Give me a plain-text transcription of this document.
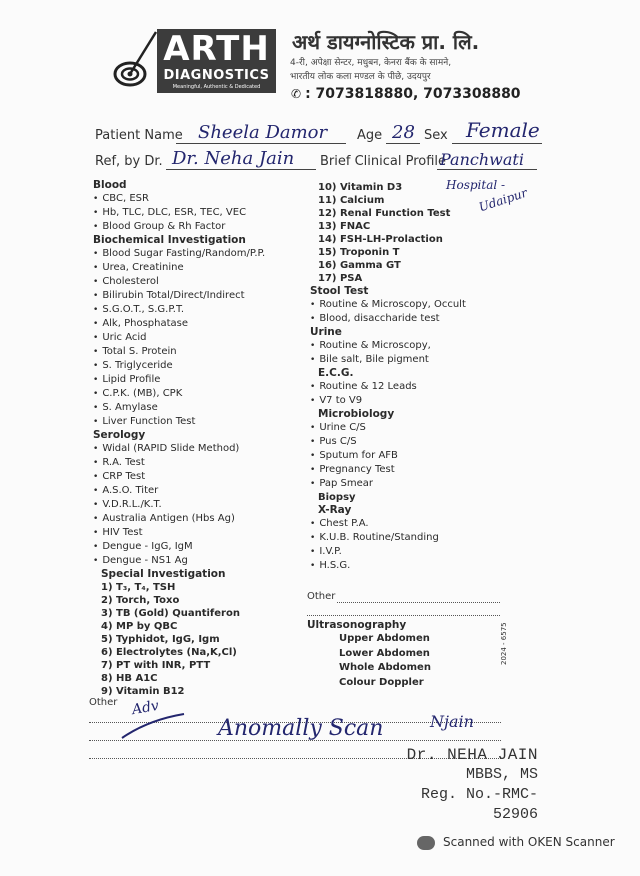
ARTH
DIAGNOSTICS
Meaningful, Authentic & Dedicated
अर्थ डायग्नोस्टिक प्रा. लि.
4-री, अपेक्षा सेन्टर, मधुबन, केनरा बैंक के सामने,
भारतीय लोक कला मण्डल के पीछे, उदयपुर
✆ : 7073818880, 7073308880
Patient Name Sheela Damor Age 28 Sex Female
Ref, by Dr. Dr. Neha Jain Brief Clinical Profile
Panchwati
Hospital -
Udaipur
Blood
• CBC, ESR
• Hb, TLC, DLC, ESR, TEC, VEC
• Blood Group & Rh Factor
Biochemical Investigation
• Blood Sugar Fasting/Random/P.P.
• Urea, Creatinine
• Cholesterol
• Bilirubin Total/Direct/Indirect
• S.G.O.T., S.G.P.T.
• Alk, Phosphatase
• Uric Acid
• Total S. Protein
• S. Triglyceride
• Lipid Profile
• C.P.K. (MB), CPK
• S. Amylase
• Liver Function Test
Serology
• Widal (RAPID Slide Method)
• R.A. Test
• CRP Test
• A.S.O. Titer
• V.D.R.L./K.T.
• Australia Antigen (Hbs Ag)
• HIV Test
• Dengue - IgG, IgM
• Dengue - NS1 Ag
Special Investigation
1) T₃, T₄, TSH
2) Torch, Toxo
3) TB (Gold) Quantiferon
4) MP by QBC
5) Typhidot, IgG, Igm
6) Electrolytes (Na,K,Cl)
7) PT with INR, PTT
8) HB A1C
9) Vitamin B12
10) Vitamin D3
11) Calcium
12) Renal Function Test
13) FNAC
14) FSH-LH-Prolaction
15) Troponin T
16) Gamma GT
17) PSA
Stool Test
• Routine & Microscopy, Occult
• Blood, disaccharide test
Urine
• Routine & Microscopy,
• Bile salt, Bile pigment
E.C.G.
• Routine & 12 Leads
• V7 to V9
Microbiology
• Urine C/S
• Pus C/S
• Sputum for AFB
• Pregnancy Test
• Pap Smear
Biopsy
X-Ray
• Chest P.A.
• K.U.B. Routine/Standing
• I.V.P.
• H.S.G.
Other
Ultrasonography
Upper Abdomen
Lower Abdomen
Whole Abdomen
Colour Doppler
2024 - 6575
Other Adv
Anomally Scan	Njain
Dr. NEHA JAIN
MBBS, MS
Reg. No.-RMC-52906
Scanned with OKEN Scanner
